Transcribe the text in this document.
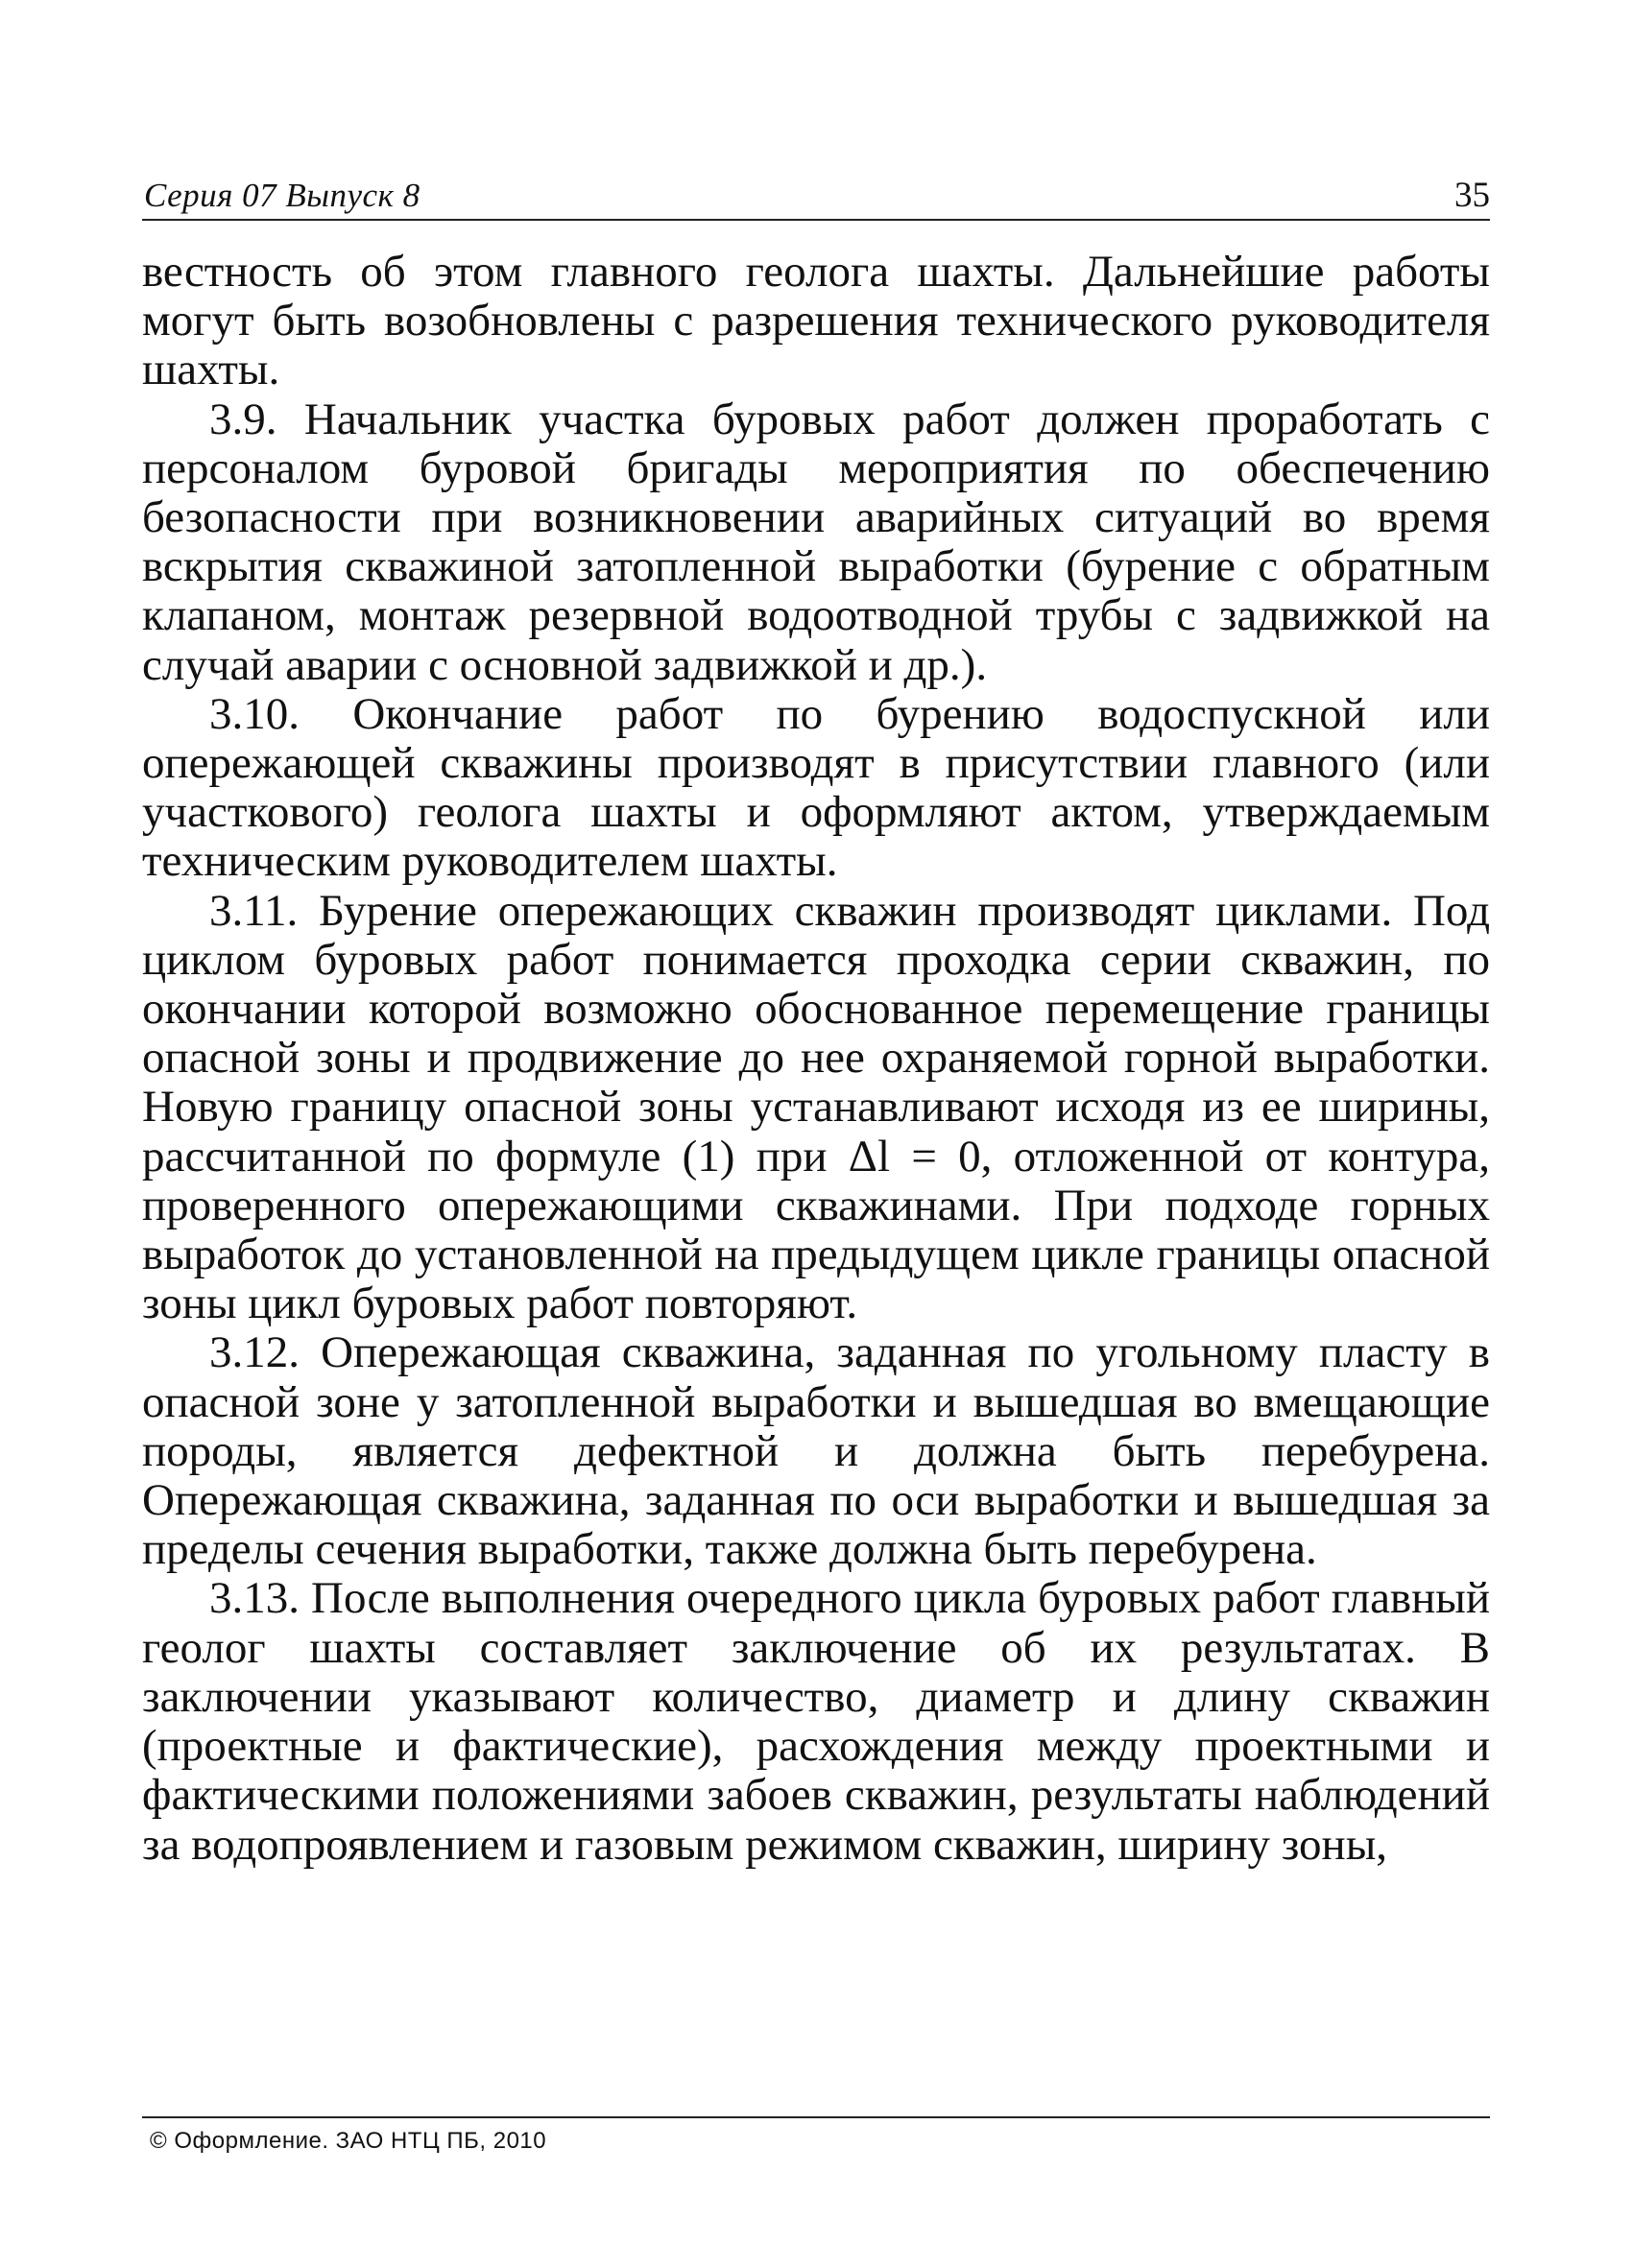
Серия 07 Выпуск 8	35

вестность об этом главного геолога шахты. Дальнейшие работы могут быть возобновлены с разрешения технического руководителя шахты.

3.9. Начальник участка буровых работ должен проработать с персоналом буровой бригады мероприятия по обеспечению безопасности при возникновении аварийных ситуаций во время вскрытия скважиной затопленной выработки (бурение с обратным клапаном, монтаж резервной водоотводной трубы с задвижкой на случай аварии с основной задвижкой и др.).

3.10. Окончание работ по бурению водоспускной или опережающей скважины производят в присутствии главного (или участкового) геолога шахты и оформляют актом, утверждаемым техническим руководителем шахты.

3.11. Бурение опережающих скважин производят циклами. Под циклом буровых работ понимается проходка серии скважин, по окончании которой возможно обоснованное перемещение границы опасной зоны и продвижение до нее охраняемой горной выработки. Новую границу опасной зоны устанавливают исходя из ее ширины, рассчитанной по формуле (1) при Δl = 0, отложенной от контура, проверенного опережающими скважинами. При подходе горных выработок до установленной на предыдущем цикле границы опасной зоны цикл буровых работ повторяют.

3.12. Опережающая скважина, заданная по угольному пласту в опасной зоне у затопленной выработки и вышедшая во вмещающие породы, является дефектной и должна быть перебурена. Опережающая скважина, заданная по оси выработки и вышедшая за пределы сечения выработки, также должна быть перебурена.

3.13. После выполнения очередного цикла буровых работ главный геолог шахты составляет заключение об их результатах. В заключении указывают количество, диаметр и длину скважин (проектные и фактические), расхождения между проектными и фактическими положениями забоев скважин, результаты наблюдений за водопроявлением и газовым режимом скважин, ширину зоны,

© Оформление. ЗАО НТЦ ПБ, 2010
